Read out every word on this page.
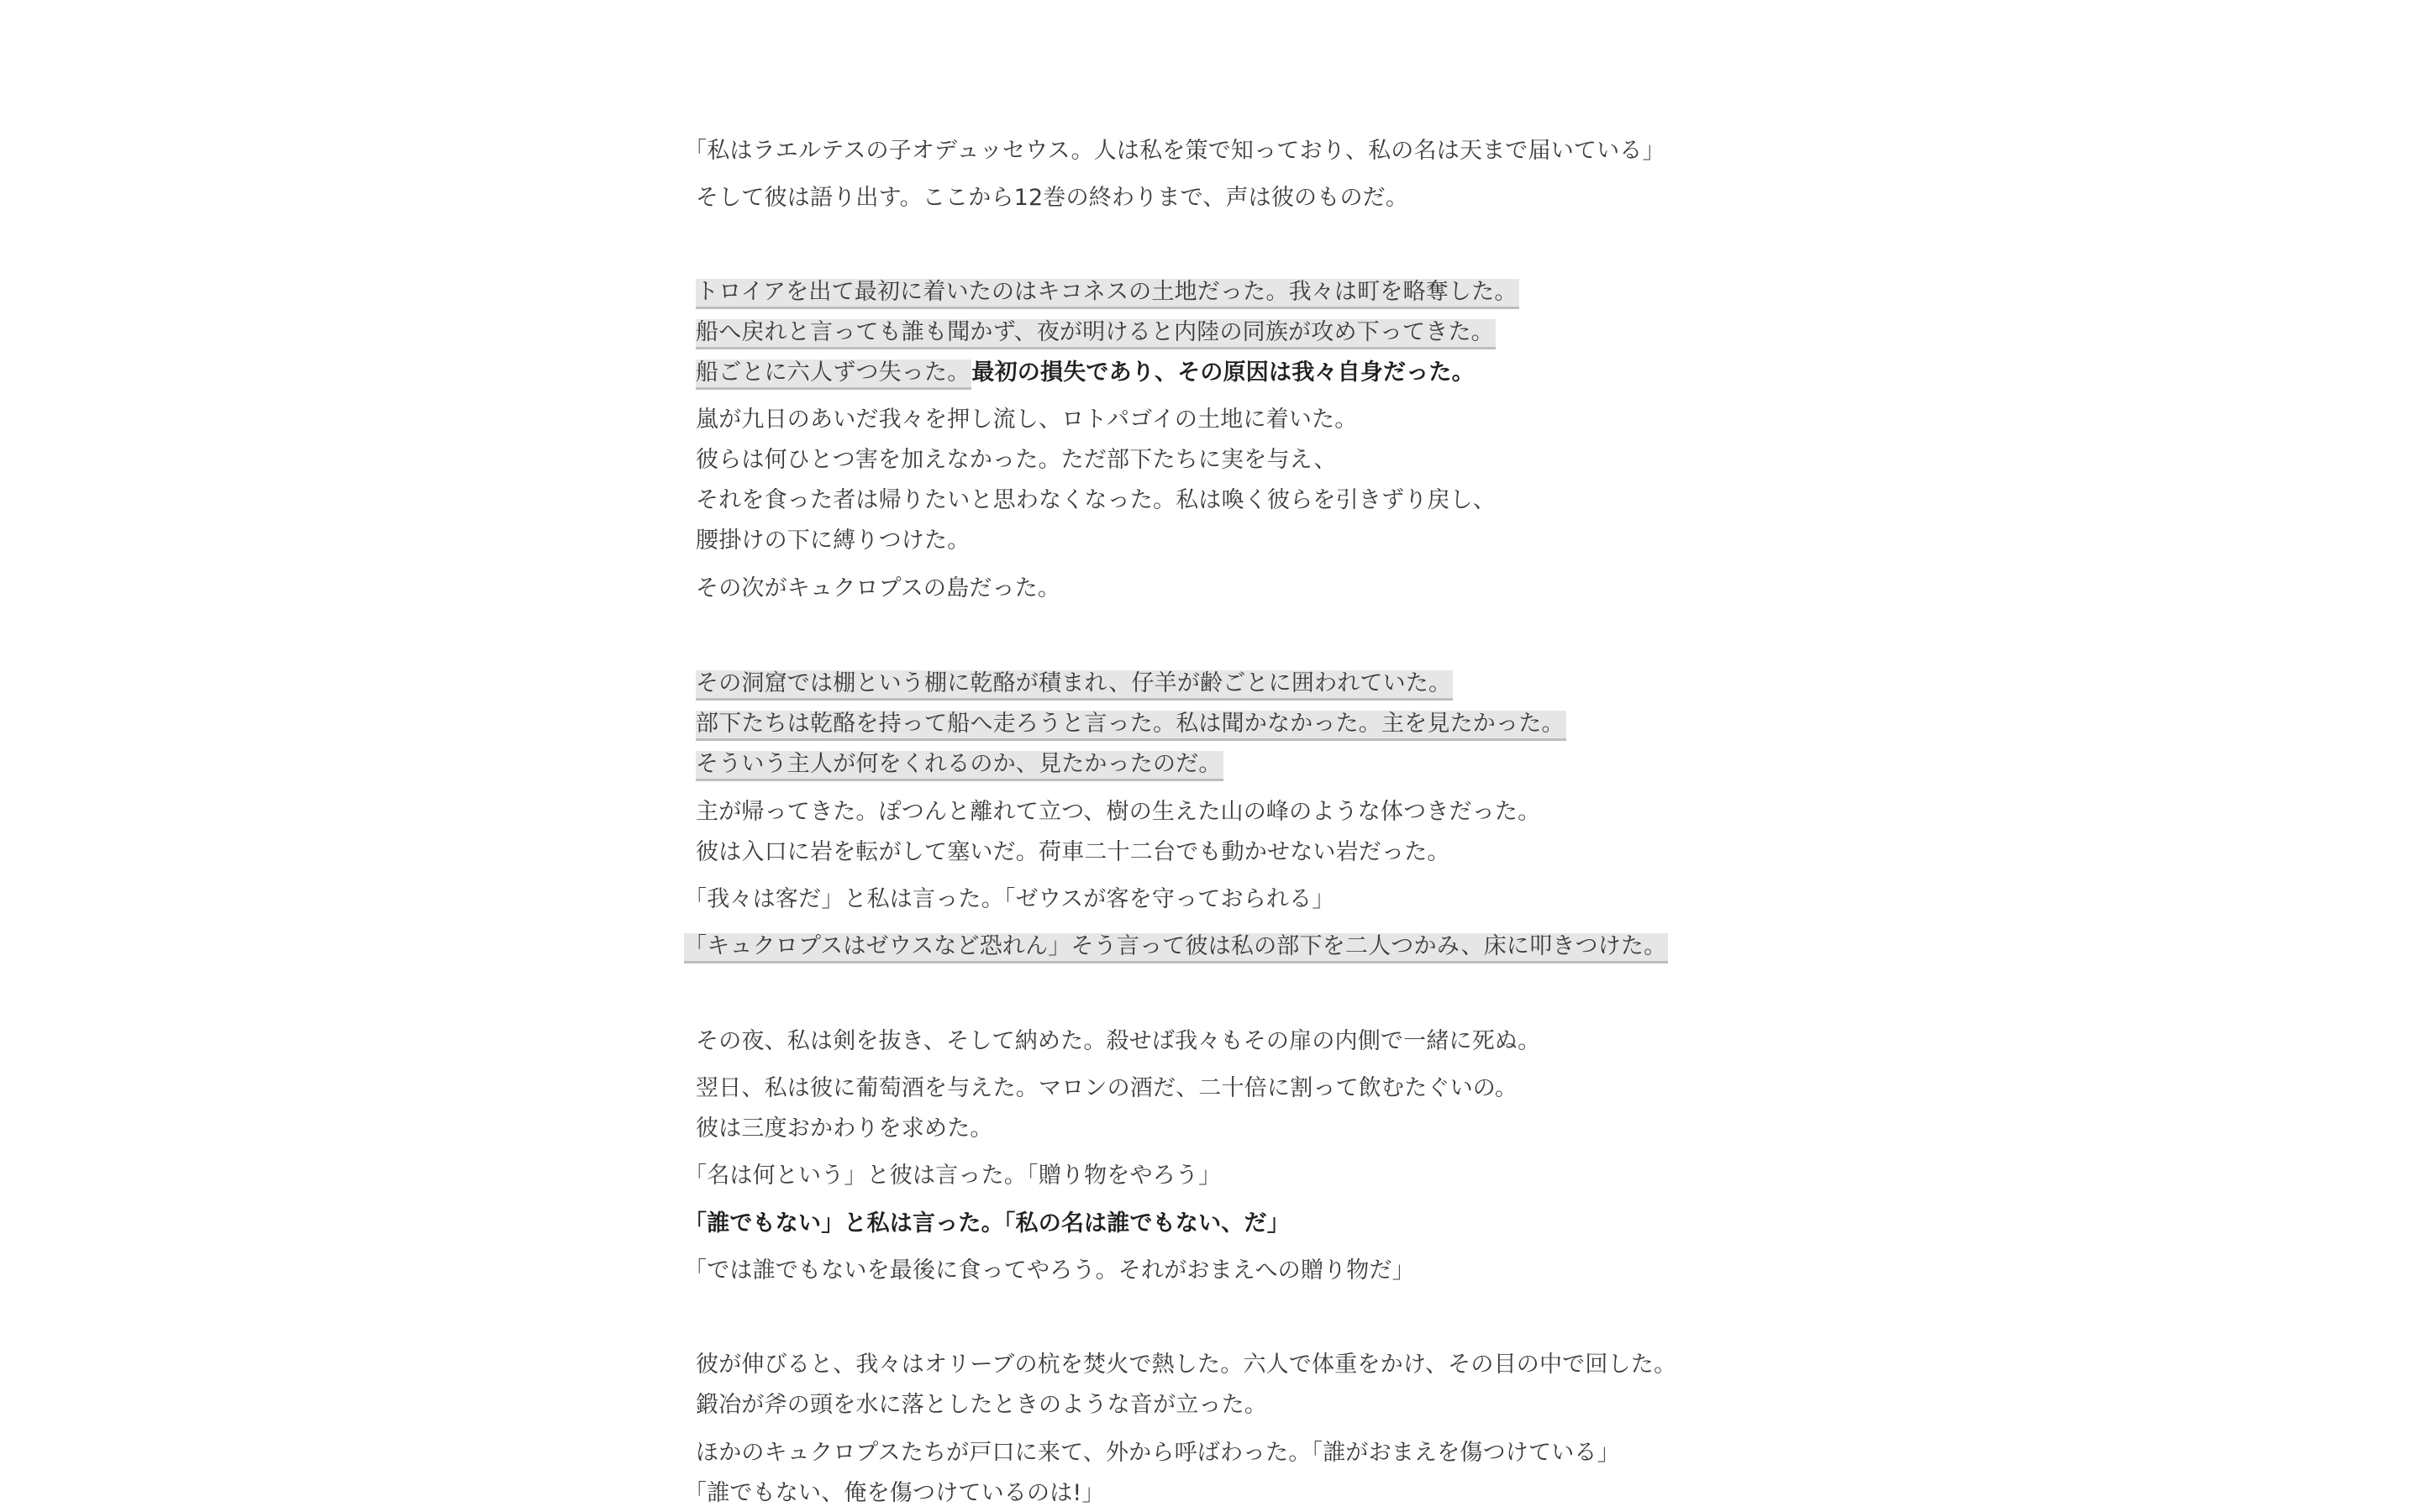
「私はラエルテスの子オデュッセウス。人は私を策で知っており、私の名は天まで届いている」
そして彼は語り出す。ここから12巻の終わりまで、声は彼のものだ。
トロイアを出て最初に着いたのはキコネスの土地だった。我々は町を略奪した。
船へ戻れと言っても誰も聞かず、夜が明けると内陸の同族が攻め下ってきた。
船ごとに六人ずつ失った。最初の損失であり、その原因は我々自身だった。
嵐が九日のあいだ我々を押し流し、ロトパゴイの土地に着いた。
彼らは何ひとつ害を加えなかった。ただ部下たちに実を与え、
それを食った者は帰りたいと思わなくなった。私は喚く彼らを引きずり戻し、
腰掛けの下に縛りつけた。
その次がキュクロプスの島だった。
その洞窟では棚という棚に乾酪が積まれ、仔羊が齢ごとに囲われていた。
部下たちは乾酪を持って船へ走ろうと言った。私は聞かなかった。主を見たかった。
そういう主人が何をくれるのか、見たかったのだ。
主が帰ってきた。ぽつんと離れて立つ、樹の生えた山の峰のような体つきだった。
彼は入口に岩を転がして塞いだ。荷車二十二台でも動かせない岩だった。
「我々は客だ」と私は言った。「ゼウスが客を守っておられる」
「キュクロプスはゼウスなど恐れん」そう言って彼は私の部下を二人つかみ、床に叩きつけた。
その夜、私は剣を抜き、そして納めた。殺せば我々もその扉の内側で一緒に死ぬ。
翌日、私は彼に葡萄酒を与えた。マロンの酒だ、二十倍に割って飲むたぐいの。
彼は三度おかわりを求めた。
「名は何という」と彼は言った。「贈り物をやろう」
「誰でもない」と私は言った。「私の名は誰でもない、だ」
「では誰でもないを最後に食ってやろう。それがおまえへの贈り物だ」
彼が伸びると、我々はオリーブの杭を焚火で熱した。六人で体重をかけ、その目の中で回した。
鍛冶が斧の頭を水に落としたときのような音が立った。
ほかのキュクロプスたちが戸口に来て、外から呼ばわった。「誰がおまえを傷つけている」
「誰でもない、俺を傷つけているのは!」
